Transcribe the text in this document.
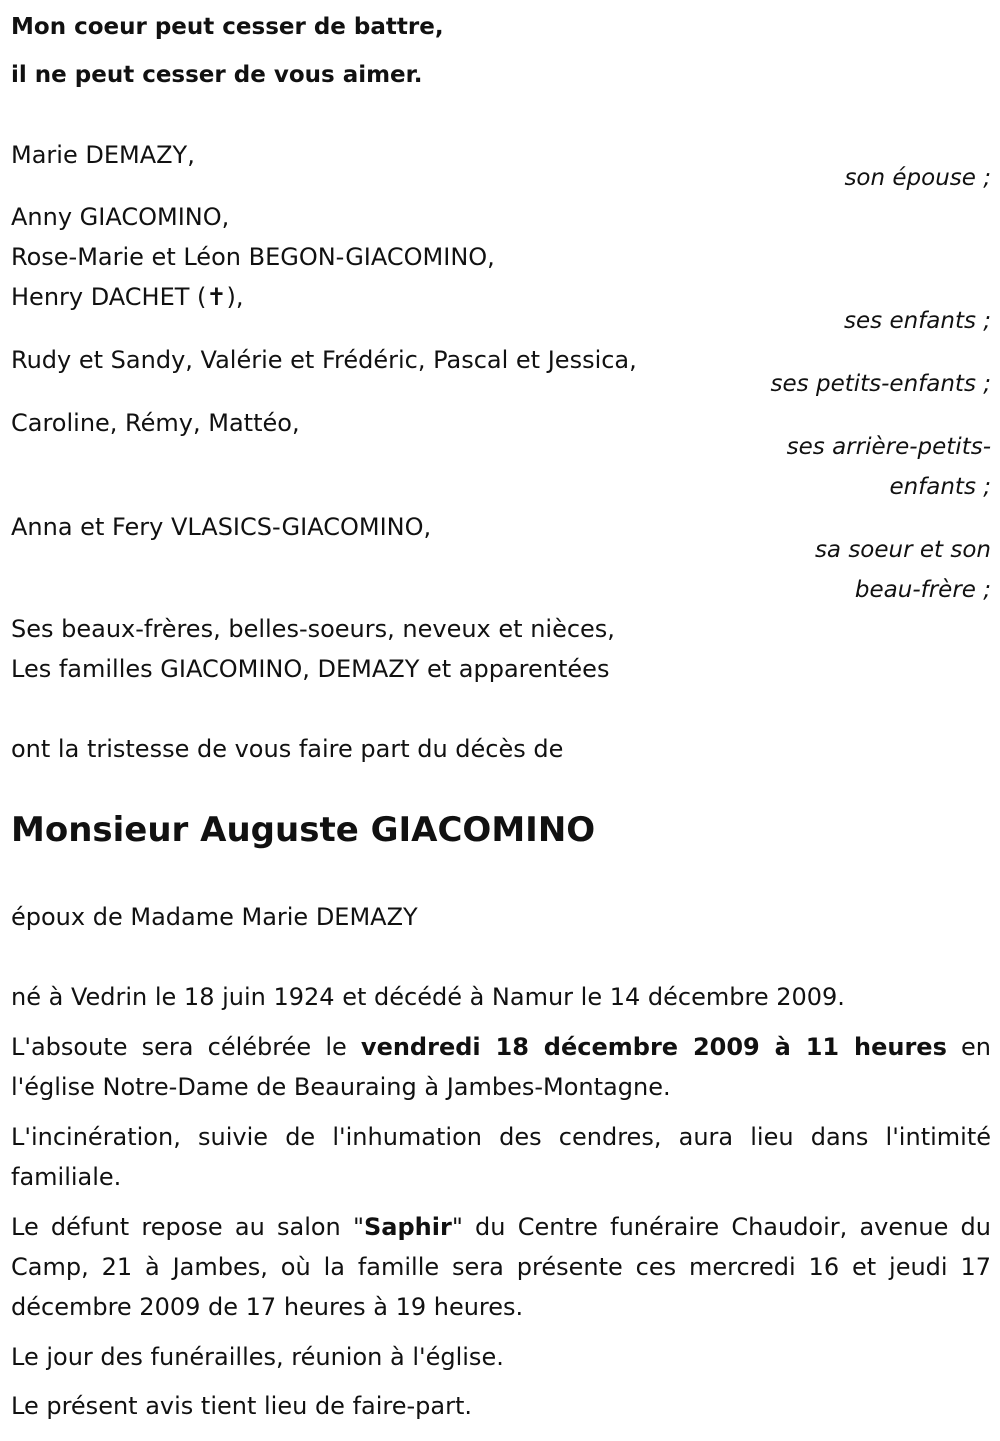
Mon coeur peut cesser de battre,
il ne peut cesser de vous aimer.
Marie DEMAZY,
son épouse ;
Anny GIACOMINO,
Rose-Marie et Léon BEGON-GIACOMINO,
Henry DACHET (✝),
ses enfants ;
Rudy et Sandy, Valérie et Frédéric, Pascal et Jessica,
ses petits-enfants ;
Caroline, Rémy, Mattéo,
ses arrière-petits-
enfants ;
Anna et Fery VLASICS-GIACOMINO,
sa soeur et son
beau-frère ;
Ses beaux-frères, belles-soeurs, neveux et nièces,
Les familles GIACOMINO, DEMAZY et apparentées
ont la tristesse de vous faire part du décès de
Monsieur Auguste GIACOMINO
époux de Madame Marie DEMAZY
né à Vedrin le 18 juin 1924 et décédé à Namur le 14 décembre 2009.
L'absoute sera célébrée le vendredi 18 décembre 2009 à 11 heures en l'église Notre-Dame de Beauraing à Jambes-Montagne.
L'incinération, suivie de l'inhumation des cendres, aura lieu dans l'intimité familiale.
Le défunt repose au salon "Saphir" du Centre funéraire Chaudoir, avenue du Camp, 21 à Jambes, où la famille sera présente ces mercredi 16 et jeudi 17 décembre 2009 de 17 heures à 19 heures.
Le jour des funérailles, réunion à l'église.
Le présent avis tient lieu de faire-part.
